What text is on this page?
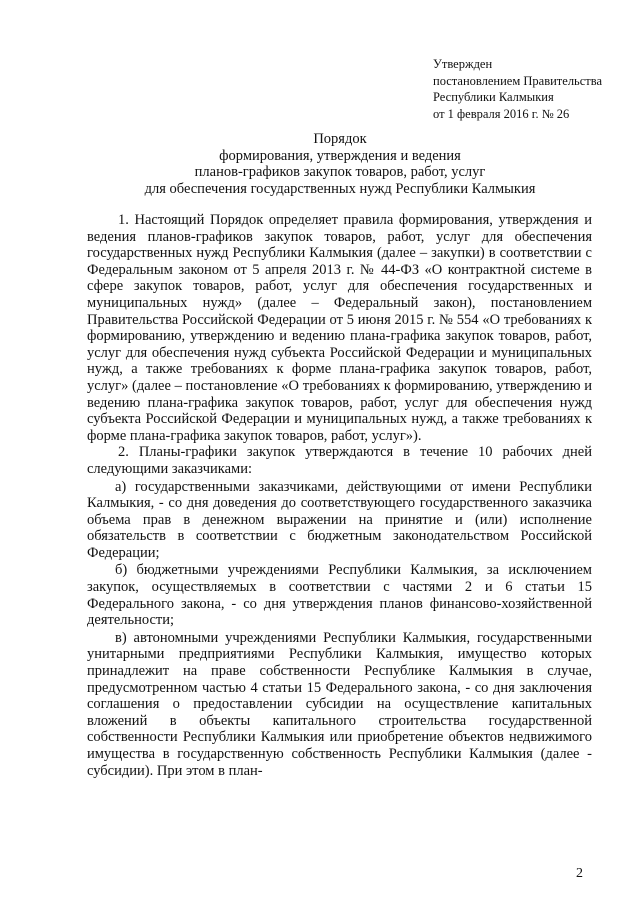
Утвержден
постановлением Правительства
Республики Калмыкия
от 1 февраля 2016 г. № 26
Порядок
формирования, утверждения и ведения
планов-графиков закупок товаров, работ, услуг
для обеспечения государственных нужд Республики Калмыкия

1. Настоящий Порядок определяет правила формирования, утверждения и ведения планов-графиков закупок товаров, работ, услуг для обеспечения государственных нужд Республики Калмыкия (далее – закупки) в соответствии с Федеральным законом от 5 апреля 2013 г. № 44-ФЗ «О контрактной системе в сфере закупок товаров, работ, услуг для обеспечения государственных и муниципальных нужд» (далее – Федеральный закон), постановлением Правительства Российской Федерации от 5 июня 2015 г. № 554 «О требованиях к формированию, утверждению и ведению плана-графика закупок товаров, работ, услуг для обеспечения нужд субъекта Российской Федерации и муниципальных нужд, а также требованиях к форме плана-графика закупок товаров, работ, услуг» (далее – постановление «О требованиях к формированию, утверждению и ведению плана-графика закупок товаров, работ, услуг для обеспечения нужд субъекта Российской Федерации и муниципальных нужд, а также требованиях к форме плана-графика закупок товаров, работ, услуг»).

2. Планы-графики закупок утверждаются в течение 10 рабочих дней следующими заказчиками:

а) государственными заказчиками, действующими от имени Республики Калмыкия, - со дня доведения до соответствующего государственного заказчика объема прав в денежном выражении на принятие и (или) исполнение обязательств в соответствии с бюджетным законодательством Российской Федерации;

б) бюджетными учреждениями Республики Калмыкия, за исключением закупок, осуществляемых в соответствии с частями 2 и 6 статьи 15 Федерального закона, - со дня утверждения планов финансово-хозяйственной деятельности;

в) автономными учреждениями Республики Калмыкия, государственными унитарными предприятиями Республики Калмыкия, имущество которых принадлежит на праве собственности Республике Калмыкия в случае, предусмотренном частью 4 статьи 15 Федерального закона, - со дня заключения соглашения о предоставлении субсидии на осуществление капитальных вложений в объекты капитального строительства государственной собственности Республики Калмыкия или приобретение объектов недвижимого имущества в государственную собственность Республики Калмыкия (далее - субсидии). При этом в план-

2
